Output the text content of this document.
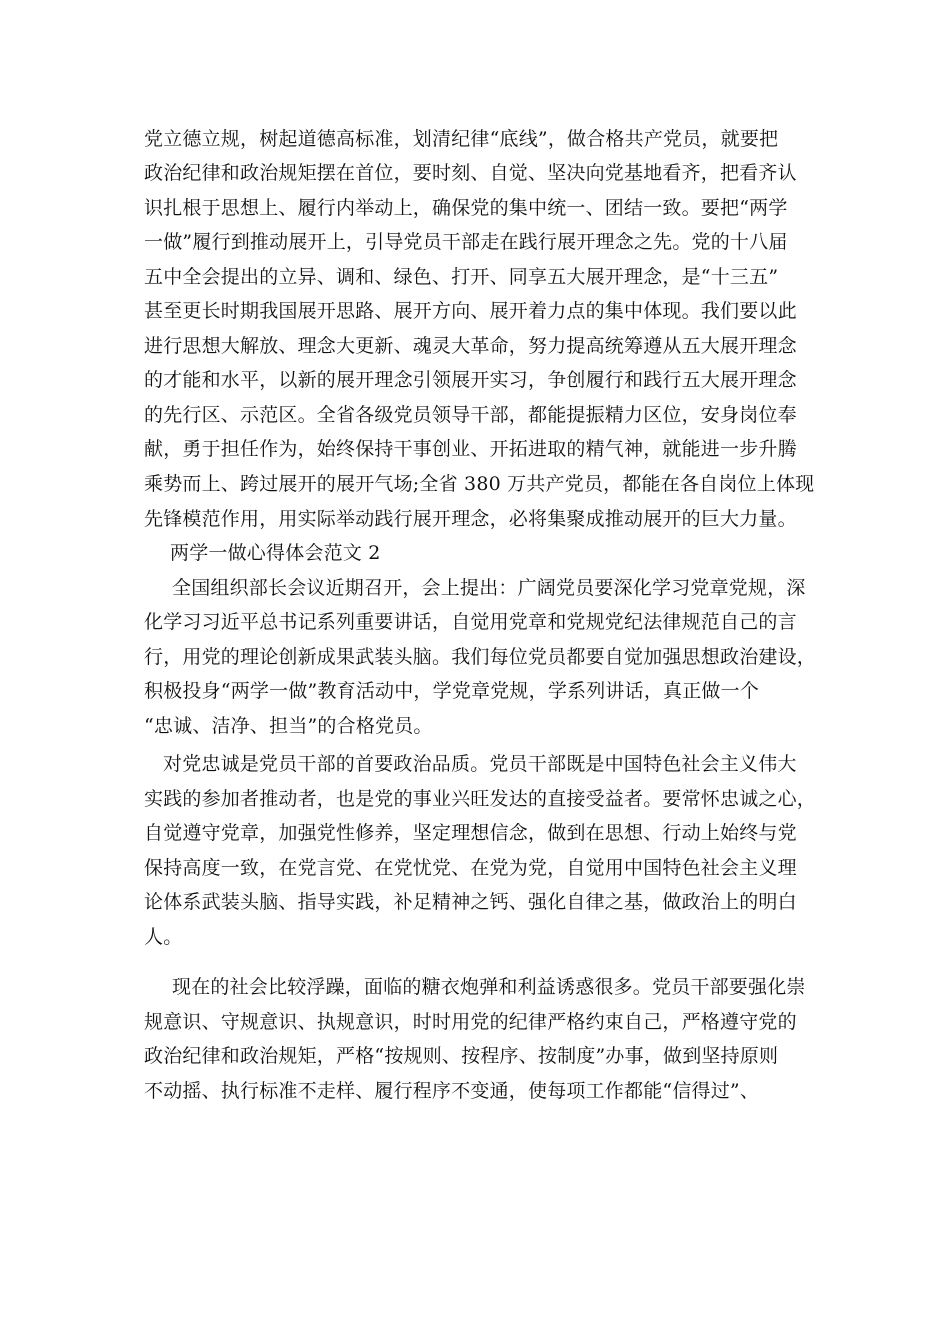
党立德立规，树起道德高标准，划清纪律“底线”，做合格共产党员，就要把
政治纪律和政治规矩摆在首位，要时刻、自觉、坚决向党基地看齐，把看齐认
识扎根于思想上、履行内举动上，确保党的集中统一、团结一致。要把“两学
一做”履行到推动展开上，引导党员干部走在践行展开理念之先。党的十八届
五中全会提出的立异、调和、绿色、打开、同享五大展开理念，是“十三五”
甚至更长时期我国展开思路、展开方向、展开着力点的集中体现。我们要以此
进行思想大解放、理念大更新、魂灵大革命，努力提高统筹遵从五大展开理念
的才能和水平，以新的展开理念引领展开实习，争创履行和践行五大展开理念
的先行区、示范区。全省各级党员领导干部，都能提振精力区位，安身岗位奉
献，勇于担任作为，始终保持干事创业、开拓进取的精气神，就能进一步升腾
乘势而上、跨过展开的展开气场;全省 380 万共产党员，都能在各自岗位上体现
先锋模范作用，用实际举动践行展开理念，必将集聚成推动展开的巨大力量。
两学一做心得体会范文 2
全国组织部长会议近期召开，会上提出：广阔党员要深化学习党章党规，深
化学习习近平总书记系列重要讲话，自觉用党章和党规党纪法律规范自己的言
行，用党的理论创新成果武装头脑。我们每位党员都要自觉加强思想政治建设，
积极投身“两学一做”教育活动中，学党章党规，学系列讲话，真正做一个
“忠诚、洁净、担当”的合格党员。
对党忠诚是党员干部的首要政治品质。党员干部既是中国特色社会主义伟大
实践的参加者推动者，也是党的事业兴旺发达的直接受益者。要常怀忠诚之心，
自觉遵守党章，加强党性修养，坚定理想信念，做到在思想、行动上始终与党
保持高度一致，在党言党、在党忧党、在党为党，自觉用中国特色社会主义理
论体系武装头脑、指导实践，补足精神之钙、强化自律之基，做政治上的明白
人。
现在的社会比较浮躁，面临的糖衣炮弹和利益诱惑很多。党员干部要强化崇
规意识、守规意识、执规意识，时时用党的纪律严格约束自己，严格遵守党的
政治纪律和政治规矩，严格“按规则、按程序、按制度”办事，做到坚持原则
不动摇、执行标准不走样、履行程序不变通，使每项工作都能“信得过”、
